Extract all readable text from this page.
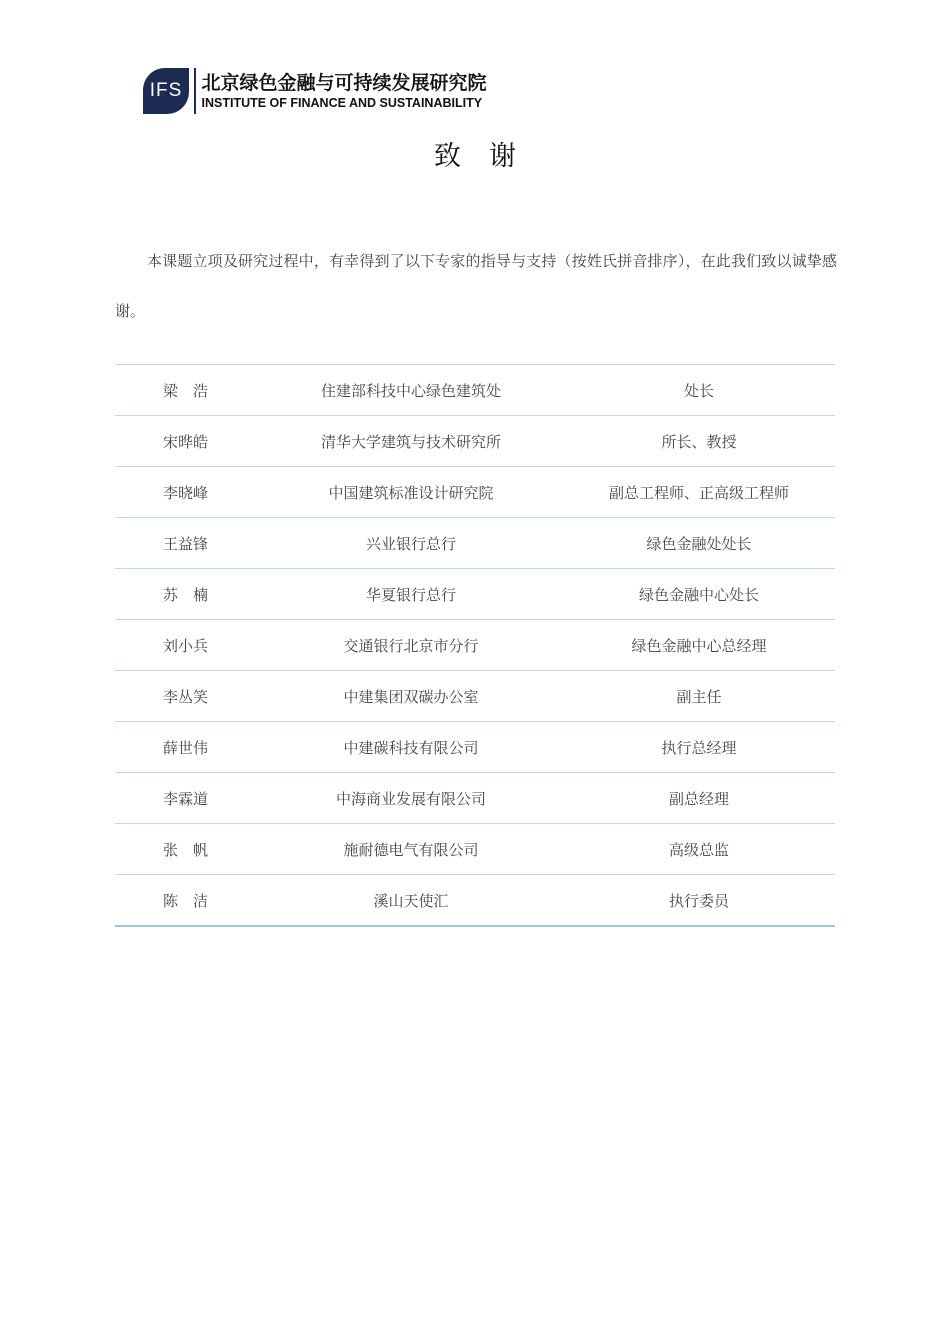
IFS	北京绿色金融与可持续发展研究院
INSTITUTE OF FINANCE AND SUSTAINABILITY
致谢

本课题立项及研究过程中，有幸得到了以下专家的指导与支持（按姓氏拼音排序），在此我们致以诚挚感谢。

梁　浩	住建部科技中心绿色建筑处	处长
宋晔皓	清华大学建筑与技术研究所	所长、教授
李晓峰	中国建筑标准设计研究院	副总工程师、正高级工程师
王益锋	兴业银行总行	绿色金融处处长
苏　楠	华夏银行总行	绿色金融中心处长
刘小兵	交通银行北京市分行	绿色金融中心总经理
李丛笑	中建集团双碳办公室	副主任
薛世伟	中建碳科技有限公司	执行总经理
李霖道	中海商业发展有限公司	副总经理
张　帆	施耐德电气有限公司	高级总监
陈　洁	溪山天使汇	执行委员
